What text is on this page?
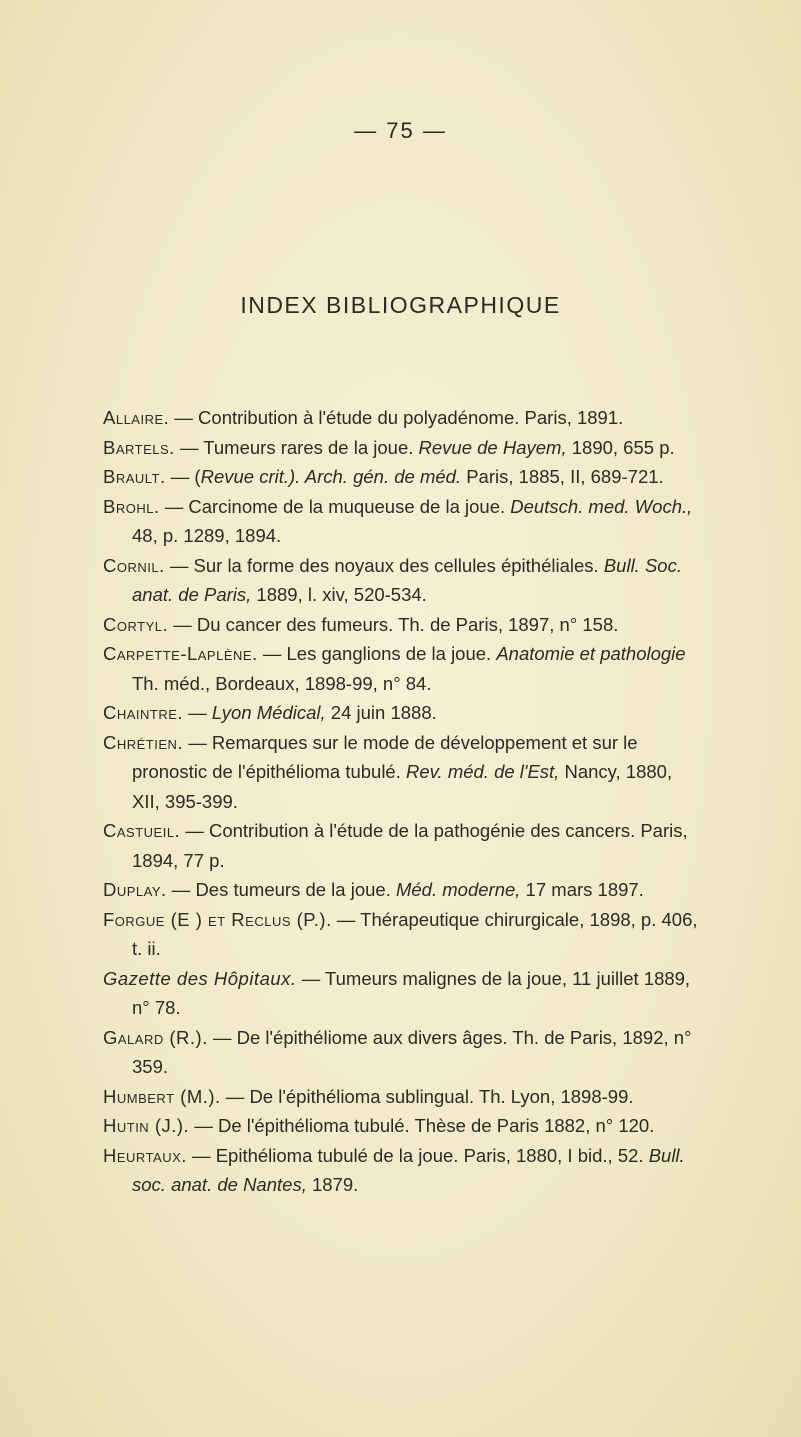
— 75 —
INDEX BIBLIOGRAPHIQUE

Allaire. — Contribution à l'étude du polyadénome. Paris, 1891.

Bartels. — Tumeurs rares de la joue. Revue de Hayem, 1890, 655 p.

Brault. — (Revue crit.). Arch. gén. de méd. Paris, 1885, II, 689-721.

Brohl. — Carcinome de la muqueuse de la joue. Deutsch. med. Woch., 48, p. 1289, 1894.

Cornil. — Sur la forme des noyaux des cellules épithéliales. Bull. Soc. anat. de Paris, 1889, l. xiv, 520-534.

Cortyl. — Du cancer des fumeurs. Th. de Paris, 1897, n° 158.

Carpette-Laplène. — Les ganglions de la joue. Anatomie et pathologie Th. méd., Bordeaux, 1898-99, n° 84.

Chaintre. — Lyon Médical, 24 juin 1888.

Chrétien. — Remarques sur le mode de développement et sur le pronostic de l'épithélioma tubulé. Rev. méd. de l'Est, Nancy, 1880, XII, 395-399.

Castueil. — Contribution à l'étude de la pathogénie des cancers. Paris, 1894, 77 p.

Duplay. — Des tumeurs de la joue. Méd. moderne, 17 mars 1897.

Forgue (E ) et Reclus (P.). — Thérapeutique chirurgicale, 1898, p. 406, t. ii.

Gazette des Hôpitaux. — Tumeurs malignes de la joue, 11 juillet 1889, n° 78.

Galard (R.). — De l'épithéliome aux divers âges. Th. de Paris, 1892, n° 359.

Humbert (M.). — De l'épithélioma sublingual. Th. Lyon, 1898-99.

Hutin (J.). — De l'épithélioma tubulé. Thèse de Paris 1882, n° 120.

Heurtaux. — Epithélioma tubulé de la joue. Paris, 1880, I bid., 52. Bull. soc. anat. de Nantes, 1879.
